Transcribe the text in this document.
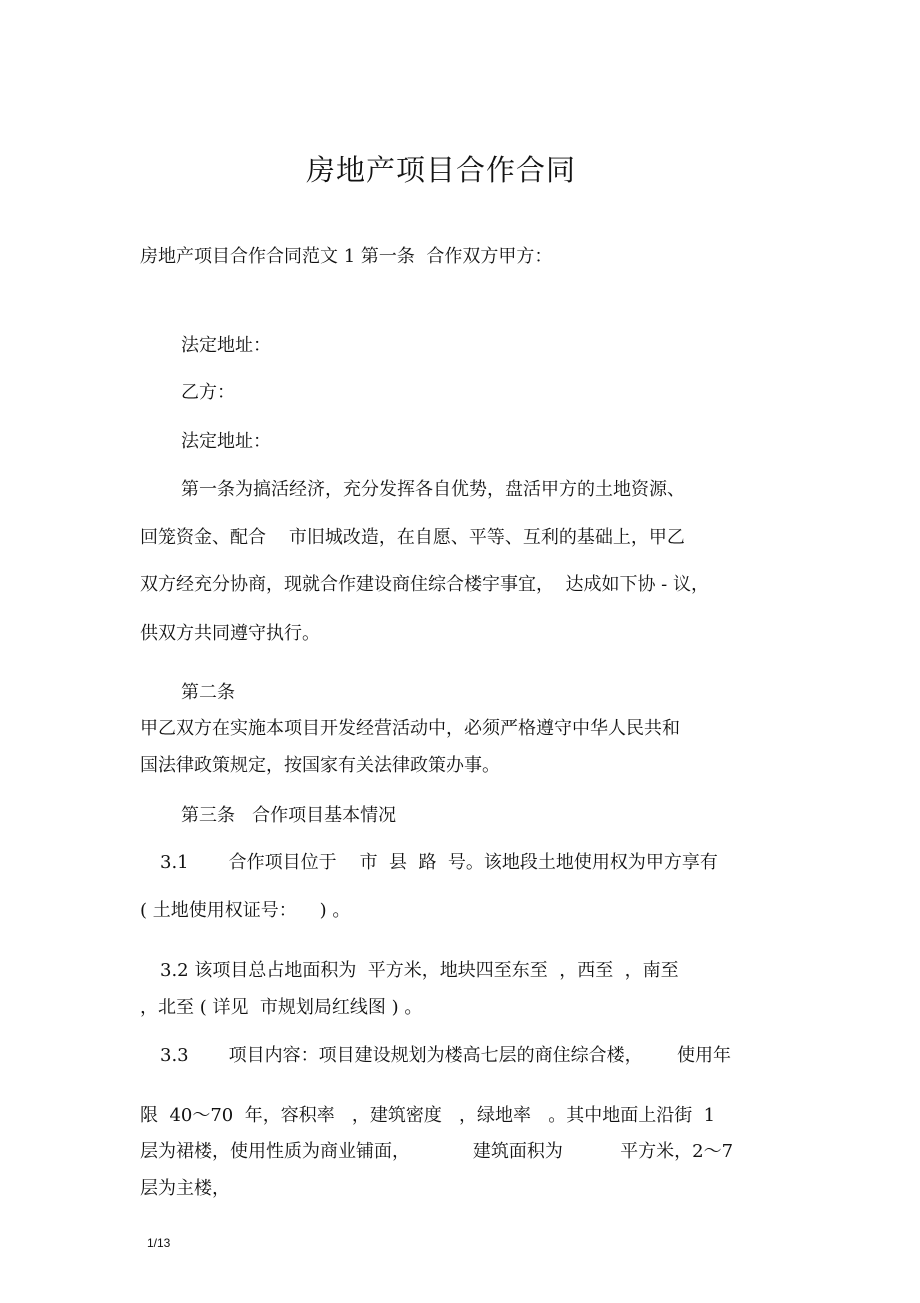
房地产项目合作合同
房地产项目合作合同范文 1 第一条  合作双方甲方：
法定地址：
乙方：
法定地址：
第一条为搞活经济，充分发挥各自优势，盘活甲方的土地资源、
回笼资金、配合    市旧城改造，在自愿、平等、互利的基础上，甲乙
双方经充分协商，现就合作建设商住综合楼宇事宜，  达成如下协 - 议，
供双方共同遵守执行。
第二条
甲乙双方在实施本项目开发经营活动中，必须严格遵守中华人民共和
国法律政策规定，按国家有关法律政策办事。
第三条   合作项目基本情况
3.1       合作项目位于    市  县  路  号。该地段土地使用权为甲方享有
( 土地使用权证号：    ) 。
3.2 该项目总占地面积为  平方米，地块四至东至  ，西至  ，南至
，北至 ( 详见  市规划局红线图 ) 。
3.3       项目内容：项目建设规划为楼高七层的商住综合楼，      使用年
限  40～70  年，容积率   ，建筑密度   ，绿地率   。其中地面上沿街  1
层为裙楼，使用性质为商业铺面，           建筑面积为          平方米，2～7
层为主楼，
1/13
